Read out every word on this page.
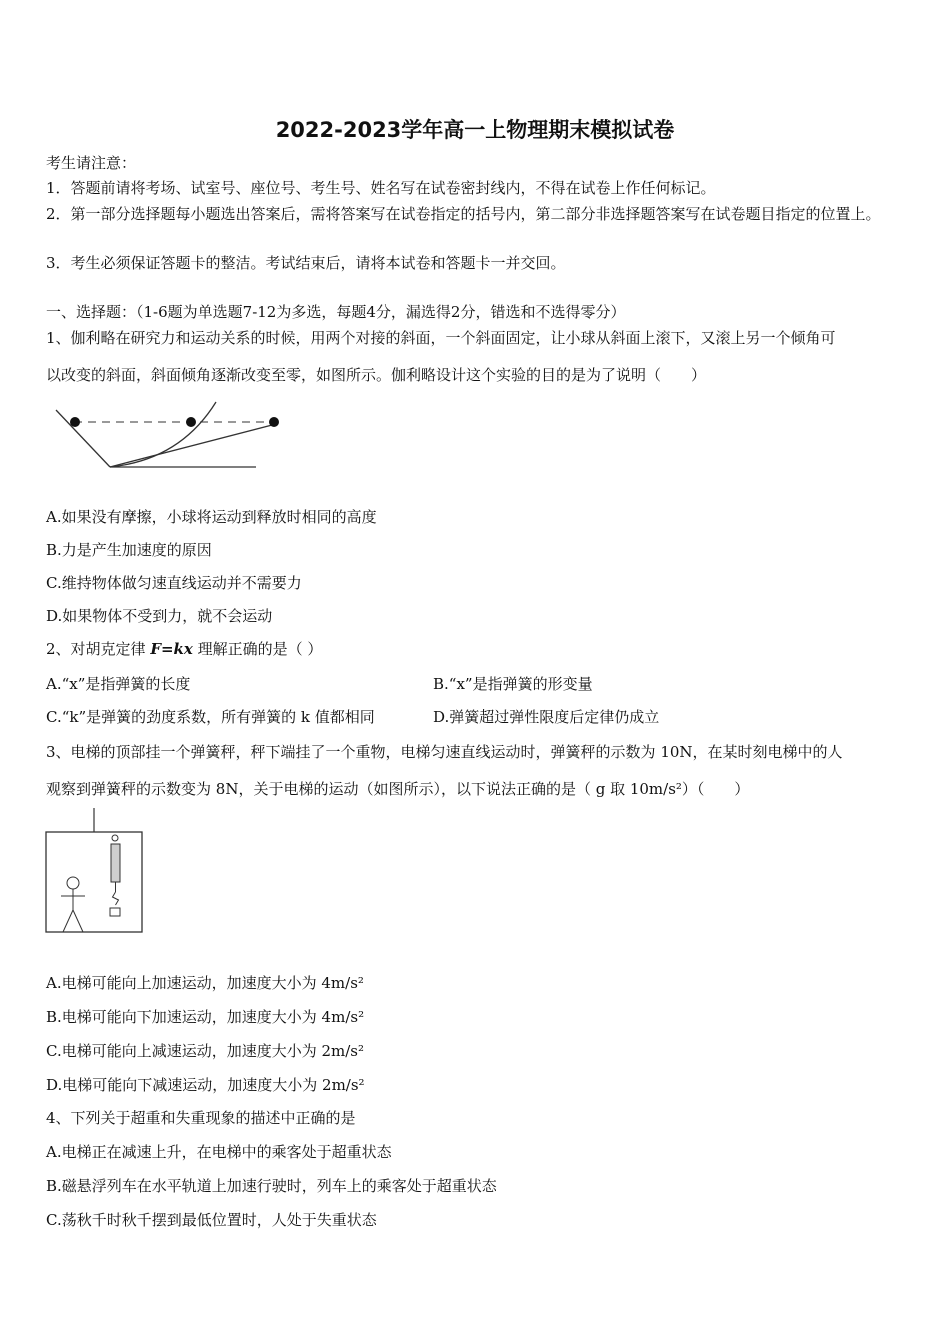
2022-2023学年高一上物理期末模拟试卷
考生请注意：
1．答题前请将考场、试室号、座位号、考生号、姓名写在试卷密封线内，不得在试卷上作任何标记。
2．第一部分选择题每小题选出答案后，需将答案写在试卷指定的括号内，第二部分非选择题答案写在试卷题目指定的位置上。
3．考生必须保证答题卡的整洁。考试结束后，请将本试卷和答题卡一并交回。
一、选择题：（1-6题为单选题7-12为多选，每题4分，漏选得2分，错选和不选得零分）
1、伽利略在研究力和运动关系的时候，用两个对接的斜面，一个斜面固定，让小球从斜面上滚下，又滚上另一个倾角可
以改变的斜面，斜面倾角逐渐改变至零，如图所示。伽利略设计这个实验的目的是为了说明（　　）
A.如果没有摩擦，小球将运动到释放时相同的高度
B.力是产生加速度的原因
C.维持物体做匀速直线运动并不需要力
D.如果物体不受到力，就不会运动
2、对胡克定律 F=kx 理解正确的是（ ）
A.“x”是指弹簧的长度	B.“x”是指弹簧的形变量
C.“k”是弹簧的劲度系数，所有弹簧的 k 值都相同	D.弹簧超过弹性限度后定律仍成立
3、电梯的顶部挂一个弹簧秤，秤下端挂了一个重物，电梯匀速直线运动时，弹簧秤的示数为 10N，在某时刻电梯中的人
观察到弹簧秤的示数变为 8N，关于电梯的运动（如图所示），以下说法正确的是（ g 取 10m/s²）（　　）
A.电梯可能向上加速运动，加速度大小为 4m/s²
B.电梯可能向下加速运动，加速度大小为 4m/s²
C.电梯可能向上减速运动，加速度大小为 2m/s²
D.电梯可能向下减速运动，加速度大小为 2m/s²
4、下列关于超重和失重现象的描述中正确的是
A.电梯正在减速上升，在电梯中的乘客处于超重状态
B.磁悬浮列车在水平轨道上加速行驶时，列车上的乘客处于超重状态
C.荡秋千时秋千摆到最低位置时，人处于失重状态
